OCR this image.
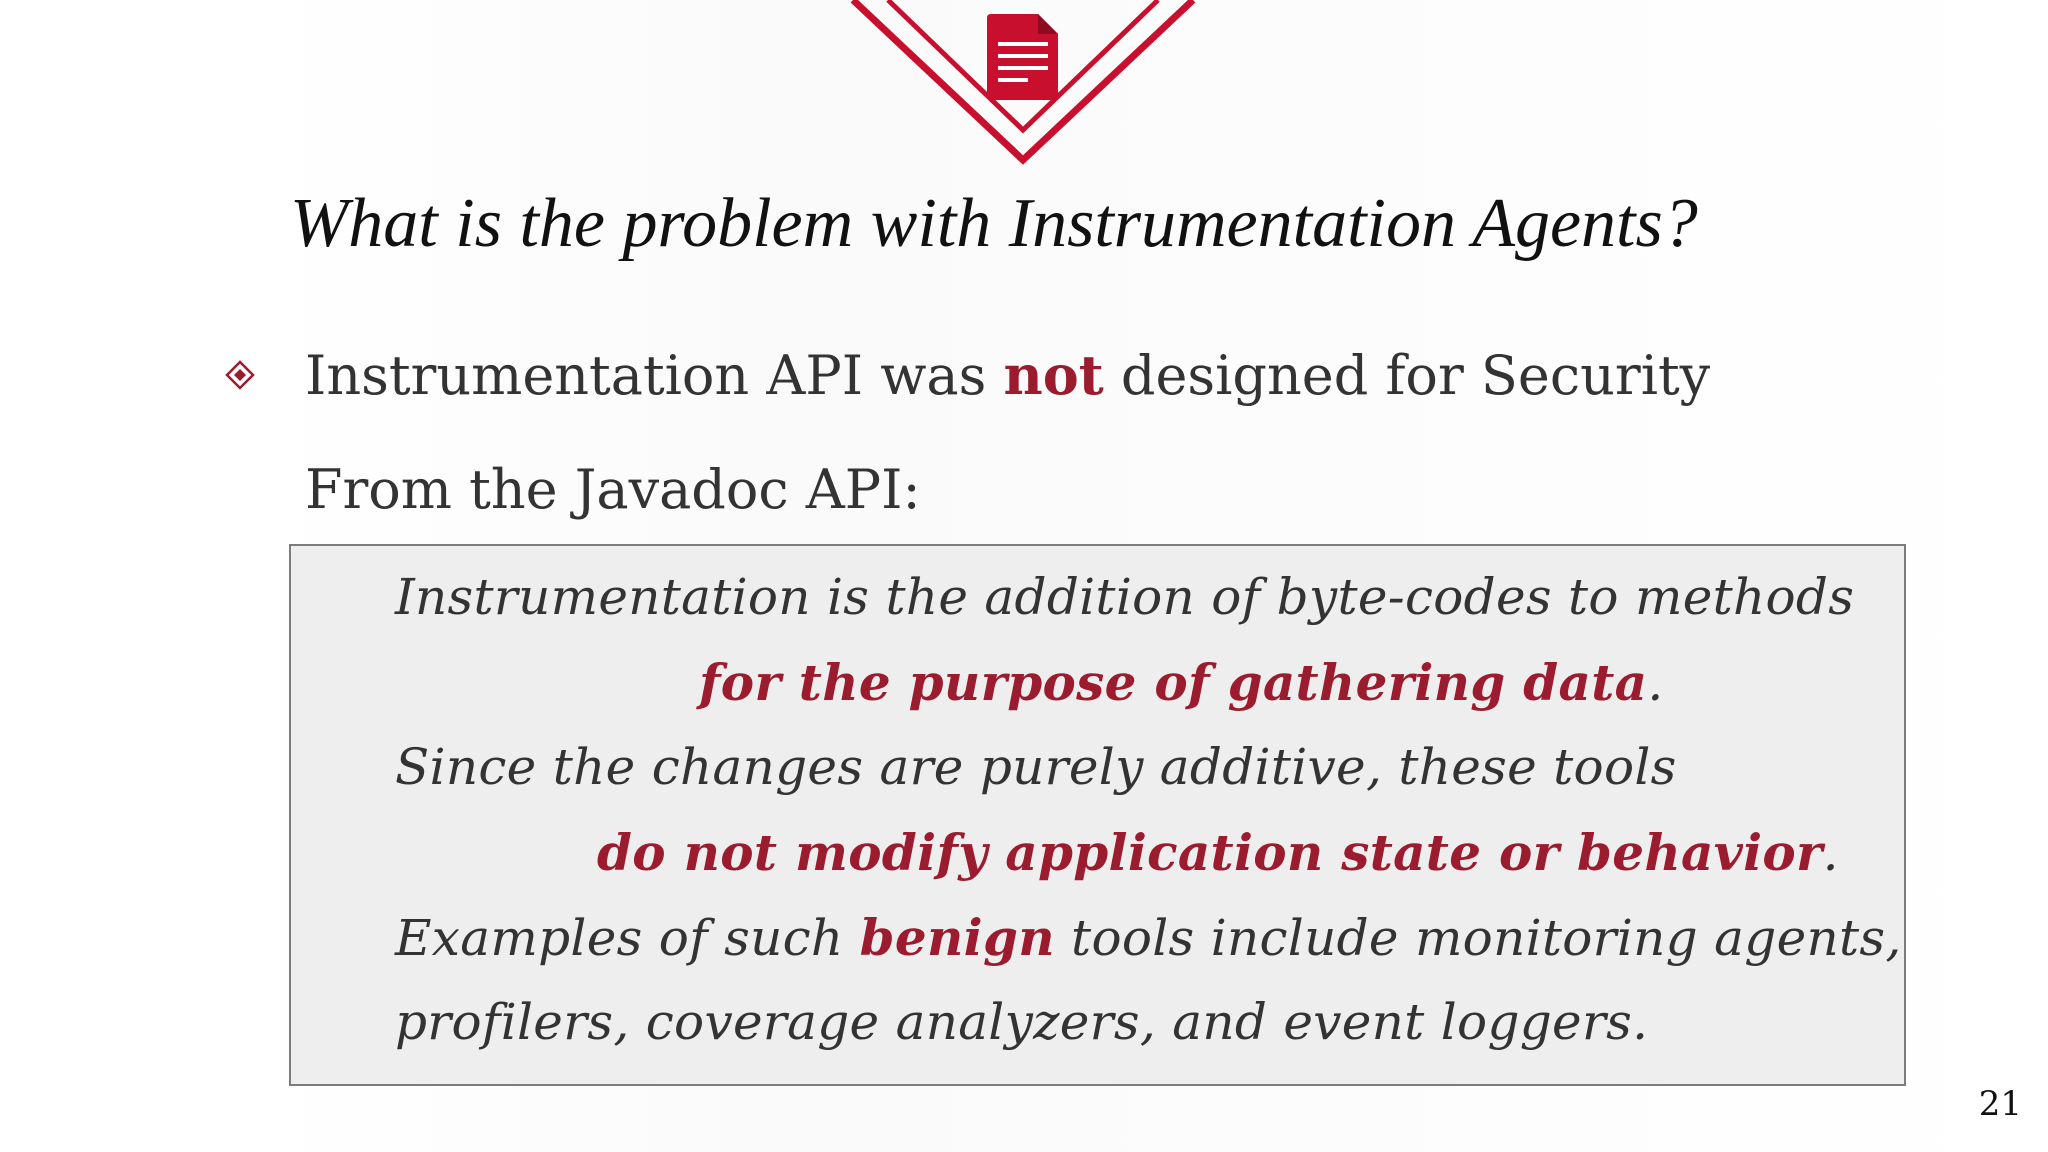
What is the problem with Instrumentation Agents?
Instrumentation API was not designed for Security
From the Javadoc API:
Instrumentation is the addition of byte-codes to methods
for the purpose of gathering data.
Since the changes are purely additive, these tools
do not modify application state or behavior.
Examples of such benign tools include monitoring agents,
profilers, coverage analyzers, and event loggers.
21
